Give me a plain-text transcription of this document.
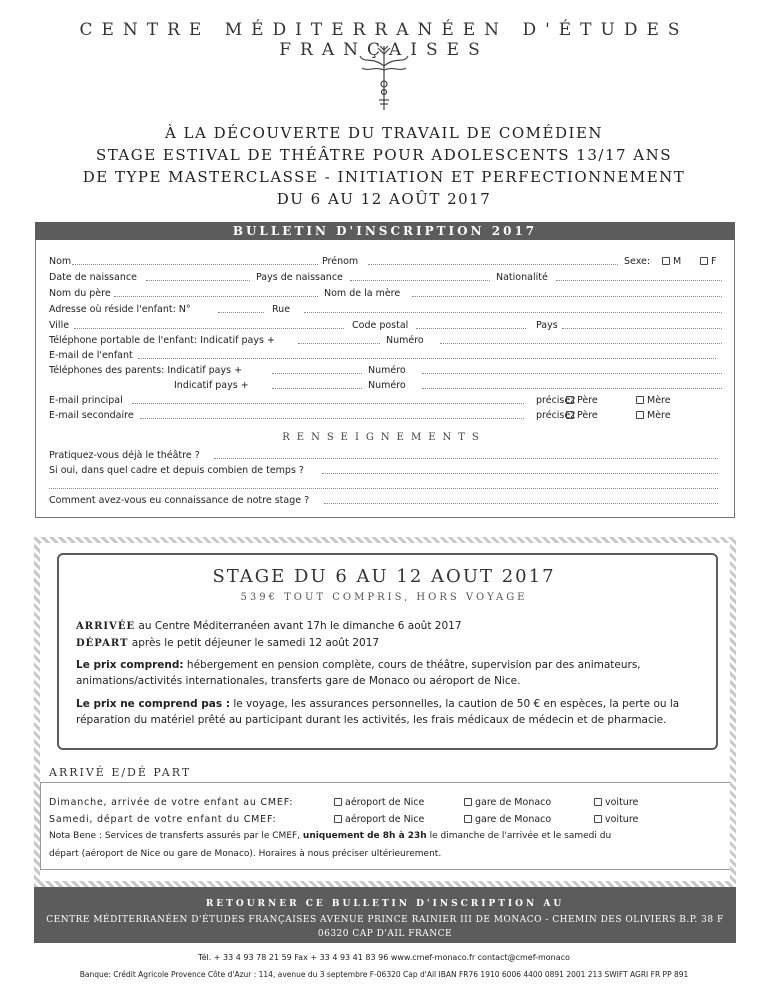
CENTRE MÉDITERRANÉEN D'ÉTUDES FRANÇAISES
À LA DÉCOUVERTE DU TRAVAIL DE COMÉDIEN
STAGE ESTIVAL DE THÉÂTRE POUR ADOLESCENTS 13/17 ANS
DE TYPE MASTERCLASSE - INITIATION ET PERFECTIONNEMENT
DU 6 AU 12 AOÛT 2017
BULLETIN D'INSCRIPTION 2017
Nom	Prénom	Sexe:	M	F
Date de naissance	Pays de naissance	Nationalité
Nom du père	Nom de la mère
Adresse où réside l'enfant: N°	Rue
Ville	Code postal	Pays
Téléphone portable de l'enfant: Indicatif pays +	Numéro
E-mail de l'enfant
Téléphones des parents: Indicatif pays +	Numéro
Indicatif pays +	Numéro
E-mail principal	précisez Père	Mère
E-mail secondaire	précisez Père	Mère
RENSEIGNEMENTS
Pratiquez-vous déjà le théâtre ?
Si oui, dans quel cadre et depuis combien de temps ?
Comment avez-vous eu connaissance de notre stage ?
STAGE DU 6 AU 12 AOUT 2017
539€ TOUT COMPRIS, HORS VOYAGE
ARRIVÉE au Centre Méditerranéen avant 17h le dimanche 6 août 2017
DÉPART après le petit déjeuner le samedi 12 août 2017
Le prix comprend: hébergement en pension complète, cours de théâtre, supervision par des animateurs, animations/activités internationales, transferts gare de Monaco ou aéroport de Nice.
Le prix ne comprend pas : le voyage, les assurances personnelles, la caution de 50 € en espèces, la perte ou la réparation du matériel prêté au participant durant les activités, les frais médicaux de médecin et de pharmacie.
ARRIVÉ E/DÉ PART
Dimanche, arrivée de votre enfant au CMEF:	aéroport de Nice	gare de Monaco	voiture
Samedi, départ de votre enfant du CMEF:	aéroport de Nice	gare de Monaco	voiture
Nota Bene : Services de transferts assurés par le CMEF, uniquement de 8h à 23h le dimanche de l'arrivée et le samedi du
départ (aéroport de Nice ou gare de Monaco). Horaires à nous préciser ultérieurement.
RETOURNER CE BULLETIN D'INSCRIPTION AU
CENTRE MÉDITERRANÉEN D'ÉTUDES FRANÇAISES AVENUE PRINCE RAINIER III DE MONACO - CHEMIN DES OLIVIERS B.P. 38 F
06320 CAP D'AIL FRANCE
Tél. + 33 4 93 78 21 59 Fax + 33 4 93 41 83 96 www.cmef-monaco.fr contact@cmef-monaco
Banque: Crédit Agricole Provence Côte d'Azur : 114, avenue du 3 septembre F-06320 Cap d'Ail IBAN FR76 1910 6006 4400 0891 2001 213 SWIFT AGRI FR PP 891
